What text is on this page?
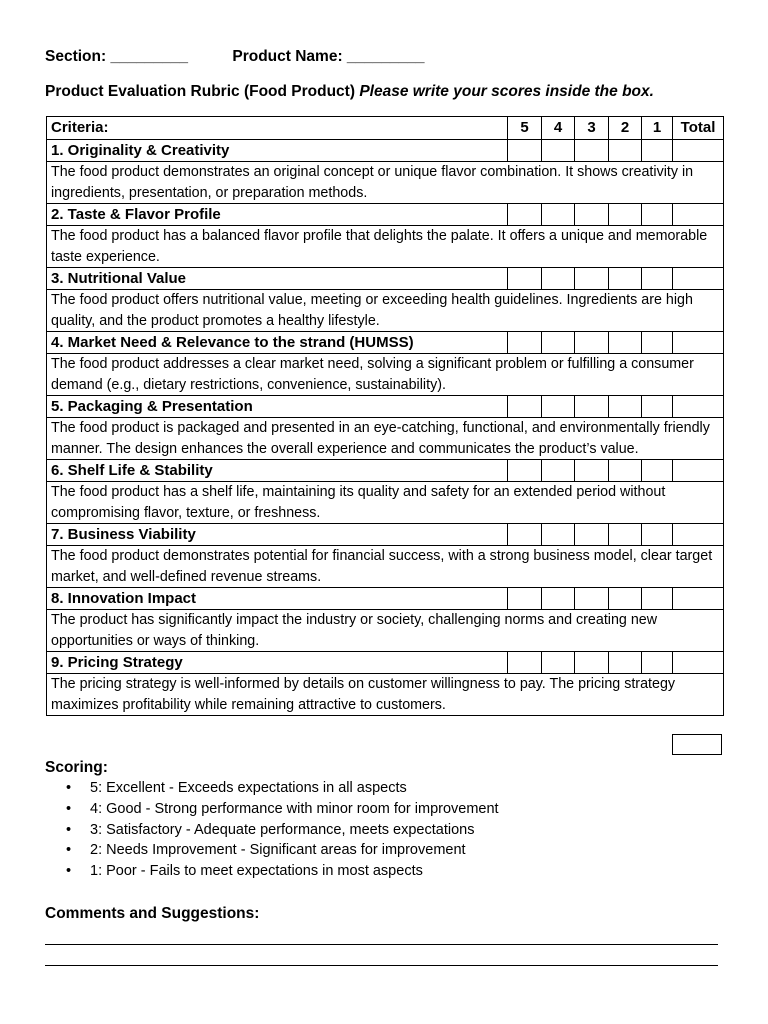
Section: _________	Product Name: _________
Product Evaluation Rubric (Food Product) Please write your scores inside the box.
Criteria:	5	4	3	2	1	Total
1. Originality & Creativity						
The food product demonstrates an original concept or unique flavor combination. It shows creativity in ingredients, presentation, or preparation methods.						
2. Taste & Flavor Profile						
The food product has a balanced flavor profile that delights the palate. It offers a unique and memorable taste experience.						
3. Nutritional Value						
The food product offers nutritional value, meeting or exceeding health guidelines. Ingredients are high quality, and the product promotes a healthy lifestyle.						
4. Market Need & Relevance to the strand (HUMSS)						
The food product addresses a clear market need, solving a significant problem or fulfilling a consumer demand (e.g., dietary restrictions, convenience, sustainability).						
5. Packaging & Presentation						
The food product is packaged and presented in an eye-catching, functional, and environmentally friendly manner. The design enhances the overall experience and communicates the product’s value.						
6. Shelf Life & Stability						
The food product has a shelf life, maintaining its quality and safety for an extended period without compromising flavor, texture, or freshness.						
7. Business Viability						
The food product demonstrates potential for financial success, with a strong business model, clear target market, and well-defined revenue streams.						
8. Innovation Impact						
The product has significantly impact the industry or society, challenging norms and creating new opportunities or ways of thinking.						
9. Pricing Strategy						
The pricing strategy is well-informed by details on customer willingness to pay. The pricing strategy maximizes profitability while remaining attractive to customers.						
Scoring:
• 5: Excellent - Exceeds expectations in all aspects
• 4: Good - Strong performance with minor room for improvement
• 3: Satisfactory - Adequate performance, meets expectations
• 2: Needs Improvement - Significant areas for improvement
• 1: Poor - Fails to meet expectations in most aspects
Comments and Suggestions:
